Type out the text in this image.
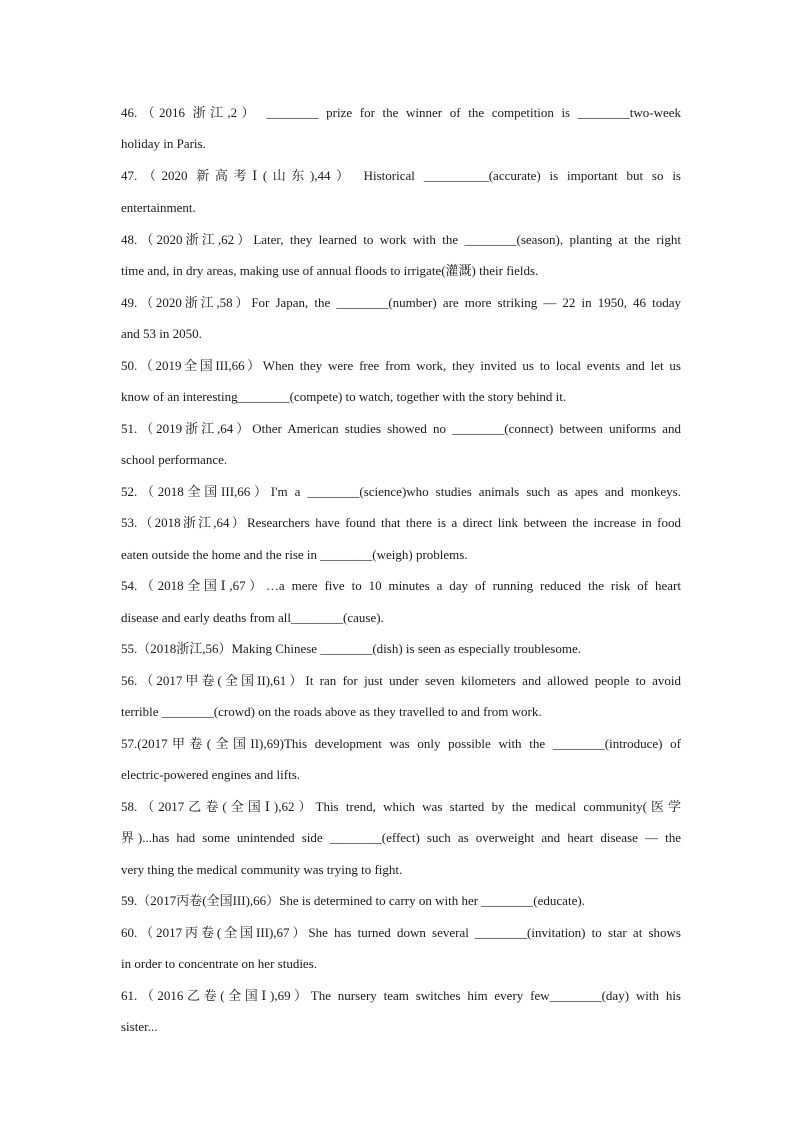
46.（2016 浙江,2） ________ prize for the winner of the competition is ________two-week
holiday in Paris.
47.（2020 新高考Ⅰ(山东),44） Historical __________(accurate) is important but so is
entertainment.
48.（2020浙江,62）Later, they learned to work with the ________(season), planting at the right
time and, in dry areas, making use of annual floods to irrigate(灌溉) their fields.
49.（2020浙江,58）For Japan, the ________(number) are more striking — 22 in 1950, 46 today
and 53 in 2050.
50.（2019全国III,66）When they were free from work, they invited us to local events and let us
know of an interesting________(compete) to watch, together with the story behind it.
51.（2019浙江,64）Other American studies showed no ________(connect) between uniforms and
school performance.
52.（2018全国III,66）I'm a ________(science)who studies animals such as apes and monkeys.
53.（2018浙江,64）Researchers have found that there is a direct link between the increase in food
eaten outside the home and the rise in ________(weigh) problems.
54.（2018全国Ⅰ,67）…a mere five to 10 minutes a day of running reduced the risk of heart
disease and early deaths from all________(cause).
55.（2018浙江,56）Making Chinese ________(dish) is seen as especially troublesome.
56.（2017甲卷(全国II),61）It ran for just under seven kilometers and allowed people to avoid
terrible ________(crowd) on the roads above as they travelled to and from work.
57.(2017甲卷(全国II),69)This development was only possible with the ________(introduce) of
electric-powered engines and lifts.
58.（2017乙卷(全国Ⅰ),62）This trend, which was started by the medical community(医学
界)...has had some unintended side ________(effect) such as overweight and heart disease — the
very thing the medical community was trying to fight.
59.（2017丙卷(全国III),66）She is determined to carry on with her ________(educate).
60.（2017丙卷(全国III),67）She has turned down several ________(invitation) to star at shows
in order to concentrate on her studies.
61.（2016乙卷(全国Ⅰ),69）The nursery team switches him every few________(day) with his
sister...
